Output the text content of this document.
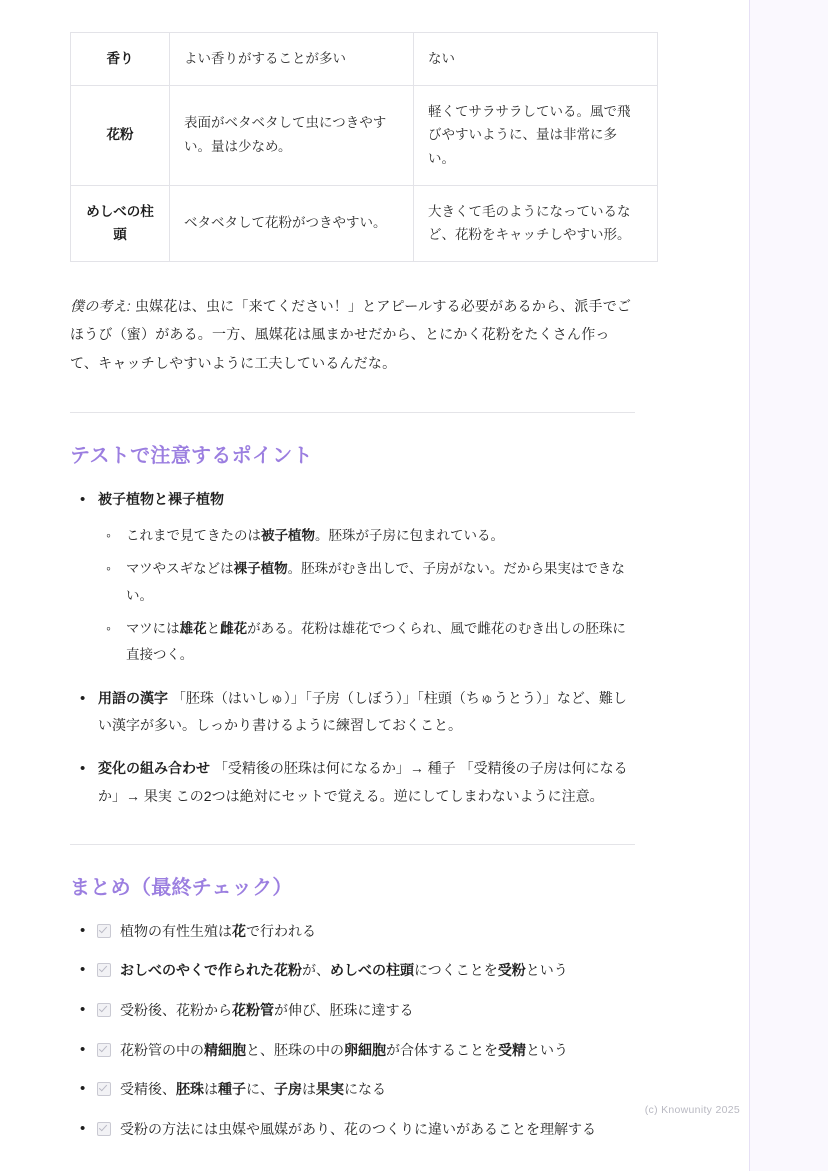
香り	よい香りがすることが多い	ない
花粉	表面がベタベタして虫につきやすい。量は少なめ。	軽くてサラサラしている。風で飛びやすいように、量は非常に多い。
めしべの柱頭	ベタベタして花粉がつきやすい。	大きくて毛のようになっているなど、花粉をキャッチしやすい形。

僕の考え: 虫媒花は、虫に「来てください！」とアピールする必要があるから、派手でごほうび（蜜）がある。一方、風媒花は風まかせだから、とにかく花粉をたくさん作って、キャッチしやすいように工夫しているんだな。

テストで注意するポイント
• 被子植物と裸子植物
◦ これまで見てきたのは被子植物。胚珠が子房に包まれている。
◦ マツやスギなどは裸子植物。胚珠がむき出しで、子房がない。だから果実はできない。
◦ マツには雄花と雌花がある。花粉は雄花でつくられ、風で雌花のむき出しの胚珠に直接つく。
• 用語の漢字 「胚珠（はいしゅ）」「子房（しぼう）」「柱頭（ちゅうとう）」など、難しい漢字が多い。しっかり書けるように練習しておくこと。
• 変化の組み合わせ 「受精後の胚珠は何になるか」→ 種子 「受精後の子房は何になるか」→ 果実 この2つは絶対にセットで覚える。逆にしてしまわないように注意。
まとめ（最終チェック）
• 植物の有性生殖は花で行われる
• おしべのやくで作られた花粉が、めしべの柱頭につくことを受粉という
• 受粉後、花粉から花粉管が伸び、胚珠に達する
• 花粉管の中の精細胞と、胚珠の中の卵細胞が合体することを受精という
• 受精後、胚珠は種子に、子房は果実になる
• 受粉の方法には虫媒や風媒があり、花のつくりに違いがあることを理解する
(c) Knowunity 2025
